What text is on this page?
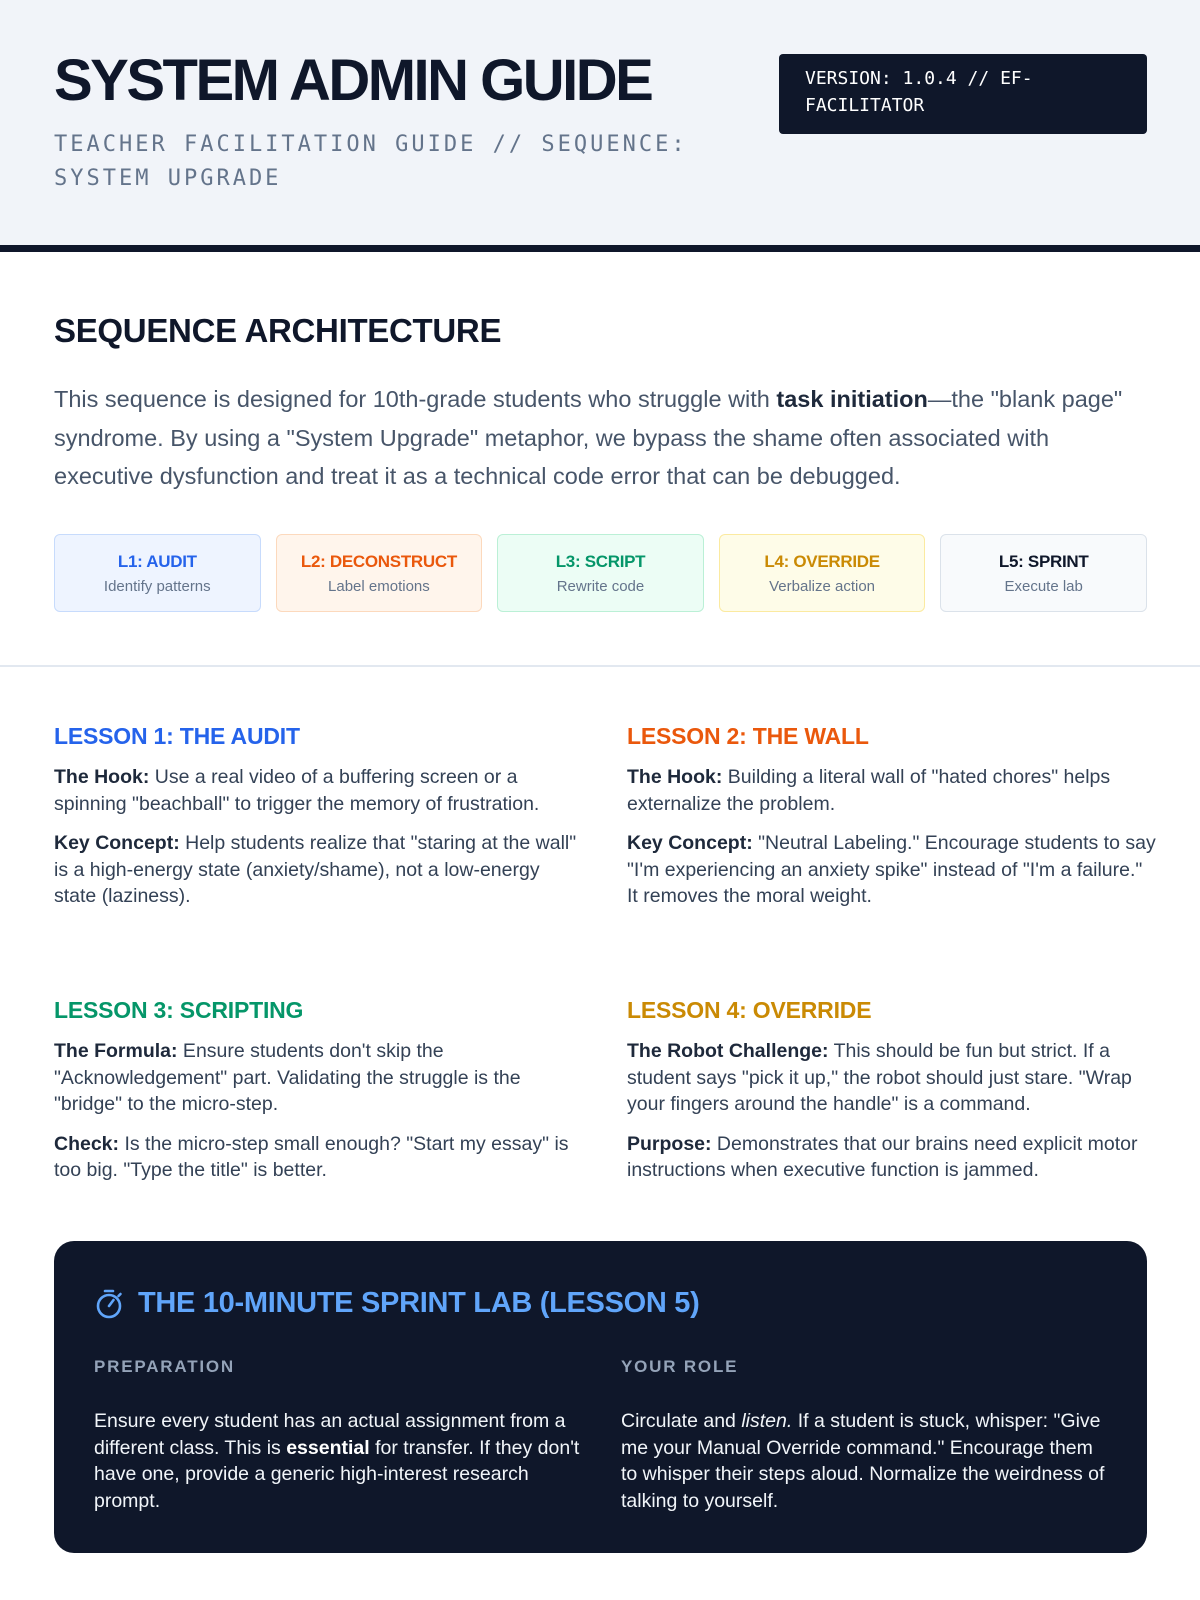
SYSTEM ADMIN GUIDE
TEACHER FACILITATION GUIDE // SEQUENCE: SYSTEM UPGRADE
VERSION: 1.0.4 // EF-FACILITATOR
SEQUENCE ARCHITECTURE

This sequence is designed for 10th-grade students who struggle with task initiation—the "blank page" syndrome. By using a "System Upgrade" metaphor, we bypass the shame often associated with executive dysfunction and treat it as a technical code error that can be debugged.

L1: AUDIT
Identify patterns
L2: DECONSTRUCT
Label emotions
L3: SCRIPT
Rewrite code
L4: OVERRIDE
Verbalize action
L5: SPRINT
Execute lab
LESSON 1: THE AUDIT

The Hook: Use a real video of a buffering screen or a spinning "beachball" to trigger the memory of frustration.

Key Concept: Help students realize that "staring at the wall" is a high-energy state (anxiety/shame), not a low-energy state (laziness).

LESSON 2: THE WALL

The Hook: Building a literal wall of "hated chores" helps externalize the problem.

Key Concept: "Neutral Labeling." Encourage students to say "I'm experiencing an anxiety spike" instead of "I'm a failure." It removes the moral weight.

LESSON 3: SCRIPTING

The Formula: Ensure students don't skip the "Acknowledgement" part. Validating the struggle is the "bridge" to the micro-step.

Check: Is the micro-step small enough? "Start my essay" is too big. "Type the title" is better.

LESSON 4: OVERRIDE

The Robot Challenge: This should be fun but strict. If a student says "pick it up," the robot should just stare. "Wrap your fingers around the handle" is a command.

Purpose: Demonstrates that our brains need explicit motor instructions when executive function is jammed.

THE 10-MINUTE SPRINT LAB (LESSON 5)
PREPARATION

Ensure every student has an actual assignment from a different class. This is essential for transfer. If they don't have one, provide a generic high-interest research prompt.

YOUR ROLE

Circulate and listen. If a student is stuck, whisper: "Give me your Manual Override command." Encourage them to whisper their steps aloud. Normalize the weirdness of talking to yourself.
